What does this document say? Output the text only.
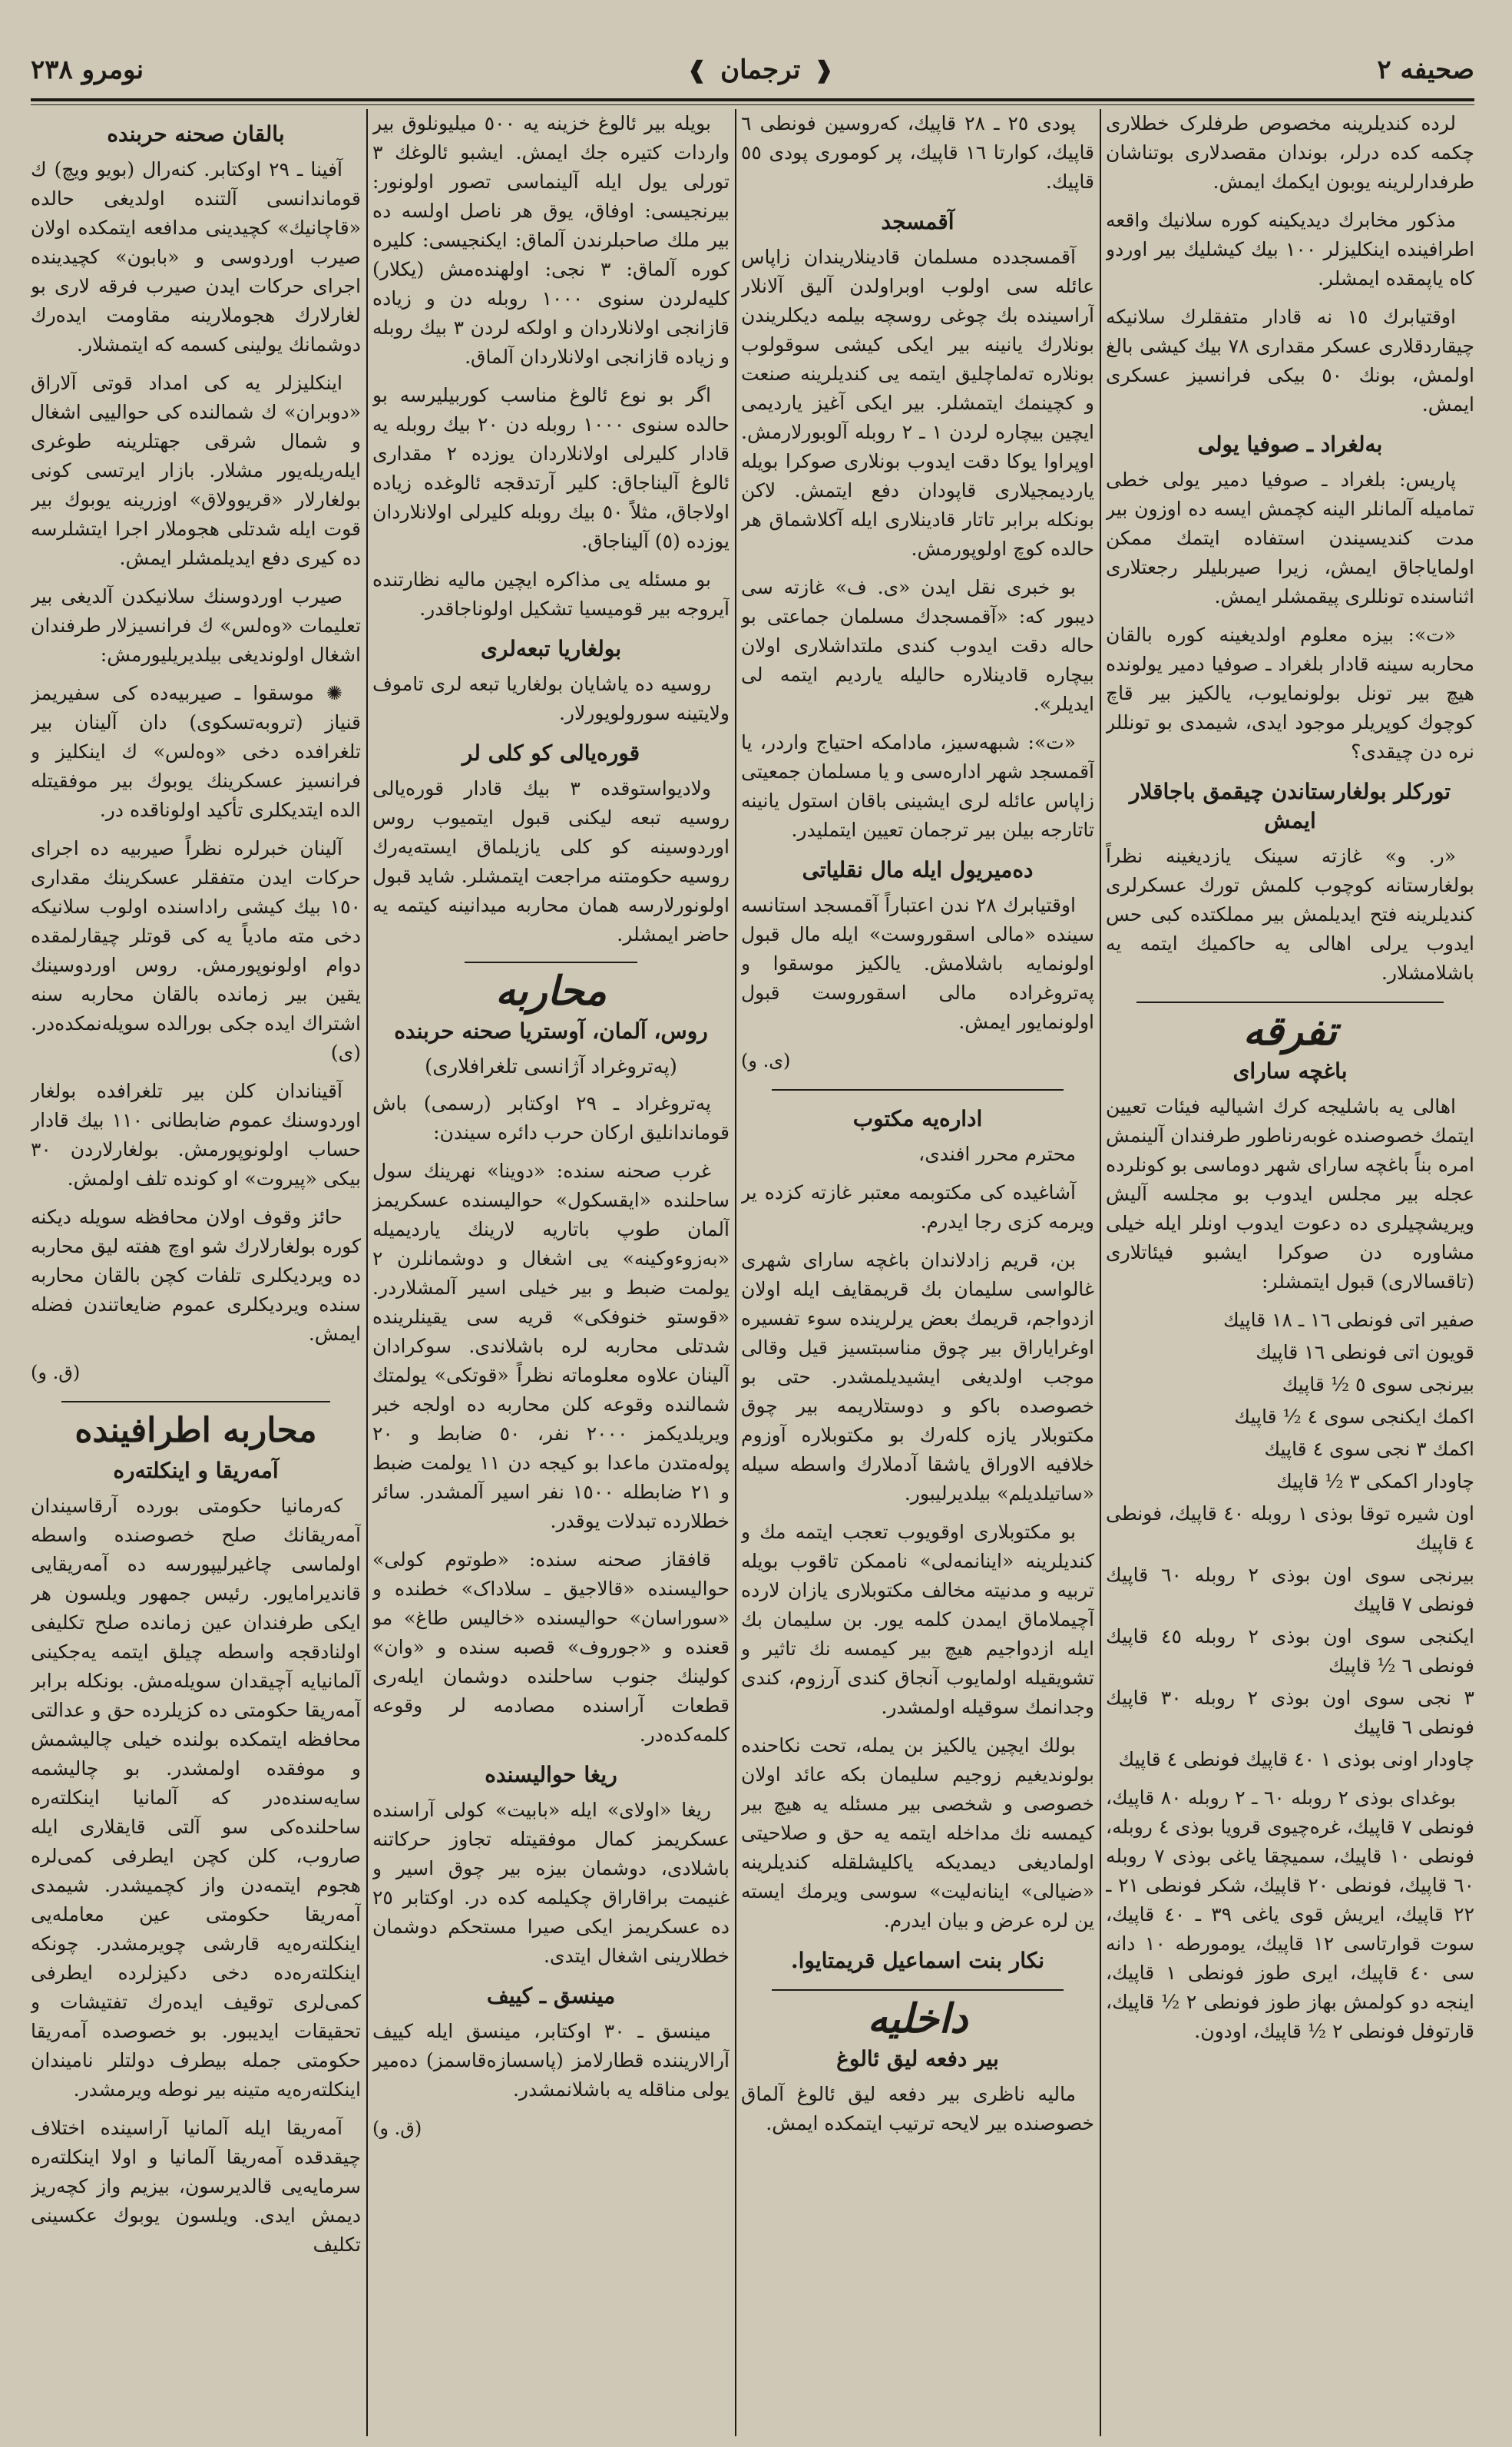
نومرو ٢٣٨	❰ ترجمان ❱	صحیفه ٢

لرده کندیلرینه مخصوص طرفلرک خطلاری چکمه کده درلر، بوندان مقصدلاری بوتناشان طرفدارلرینه یوبون ایکمك ایمش.

مذکور مخابرك دیدیکینه کوره سلانیك واقعه اطرافینده اینکلیزلر ١٠٠ بیك کیشلیك بیر اوردو کاه یاپمقده ایمشلر.

اوقتیابرك ١٥ نه قادار متفقلرك سلانیکه چیقاردقلاری عسکر مقداری ٧٨ بیك کیشی بالغ اولمش، بونك ٥٠ بیکی فرانسیز عسکری ایمش.

بەلغراد ـ صوفیا یولی

پاریس: بلغراد ـ صوفیا دمیر یولی خطی تمامیله آلمانلر الینه کچمش ایسه ده اوزون بیر مدت کندیسیندن استفاده ایتمك ممکن اولمایاجاق ایمش، زیرا صیربلیلر رجعتلاری اثناسنده تونللری پیقمشلر ایمش.

«ت»: بیزه معلوم اولدیغینه کوره بالقان محاربه سینه قادار بلغراد ـ صوفیا دمیر یولونده هیچ بیر تونل بولونمایوب، یالکیز بیر قاچ کوچوك کوپریلر موجود ایدی، شیمدی بو تونللر نره دن چیقدی؟

تورکلر بولغارستاندن چیقمق باجاقلار ایمش

«ر. و» غازته سینک یازدیغینه نظراً بولغارستانه کوچوب کلمش تورك عسکرلری کندیلرینه فتح ایدیلمش بیر مملکتده کبی حس ایدوب یرلی اهالی یه حاکمیك ایتمه یه باشلامشلار.

تفرقه
باغچه سارای

اهالی یه باشلیجه کرك اشیالیه فیئات تعیین ایتمك خصوصنده غوبەرناطور طرفندان آلینمش امره بناً باغچه سارای شهر دوماسی بو کونلرده عجله بیر مجلس ایدوب بو مجلسه آلیش ویریشچیلری ده دعوت ایدوب اونلر ایله خیلی مشاوره دن صوکرا ایشبو فیئاتلاری (تاقسالاری) قبول ایتمشلر:

صفیر اتی فونطی ١٦ ـ ١٨ قاپیك
قویون اتی فونطی ١٦ قاپیك
بیرنجی سوی ٥ ½ قاپیك
اکمك ایکنجی سوی ٤ ½ قاپیك
اکمك ٣ نجی سوی ٤ قاپیك
چاودار اکمکی ٣ ½ قاپیك
اون شیره توقا بوذی ١ روبله ٤٠ قاپیك، فونطی ٤ قاپیك
بیرنجی سوی اون بوذی ٢ روبله ٦٠ قاپیك فونطی ٧ قاپیك
ایکنجی سوی اون بوذی ٢ روبله ٤٥ قاپیك فونطی ٦ ½ قاپیك
٣ نجی سوی اون بوذی ٢ روبله ٣٠ قاپیك فونطی ٦ قاپیك
چاودار اونی بوذی ١ ٤٠ قاپیك فونطی ٤ قاپیك

بوغدای بوذی ٢ روبله ٦٠ ـ ٢ روبله ٨٠ قاپیك، فونطی ٧ قاپیك، غرەچیوی قرویا بوذی ٤ روبله، فونطی ١٠ قاپیك، سمیچقا یاغی بوذی ٧ روبله ٦٠ قاپیك، فونطی ٢٠ قاپیك، شکر فونطی ٢١ ـ ٢٢ قاپیك، ایریش قوی یاغی ٣٩ ـ ٤٠ قاپیك، سوت قوارتاسی ١٢ قاپیك، یومورطه ١٠ دانه سی ٤٠ قاپیك، ایری طوز فونطی ١ قاپیك، اینجه دو کولمش بهاز طوز فونطی ٢ ½ قاپیك، قارتوفل فونطی ٢ ½ قاپیك، اودون.

پودی ٢٥ ـ ٢٨ قاپیك، کەروسین فونطی ٦ قاپیك، کوارتا ١٦ قاپیك، پر کوموری پودی ٥٥ قاپیك.

آقمسجد

آقمسجدده مسلمان قادینلاریندان زاپاس عائله سی اولوب اوبراولدن آلیق آلانلار آراسینده بك چوغی روسچه بیلمه دیکلریندن بونلارك یانینه بیر ایکی کیشی سوقولوب بونلاره تەلماچلیق ایتمه یی کندیلرینه صنعت و کچینمك ایتمشلر. بیر ایکی آغیز یاردیمی ایچین بیچاره لردن ١ ـ ٢ روبله آلوبورلارمش. اوپراوا یوکا دقت ایدوب بونلاری صوکرا بویله یاردیمجیلاری قاپودان دفع ایتمش. لاکن بونکله برابر تاتار قادینلاری ایله آکلاشماق هر حالده کوچ اولوپورمش.

بو خبری نقل ایدن «ی. ف» غازته سی دیبور که: «آقمسجدك مسلمان جماعتی بو حاله دقت ایدوب کندی ملتداشلاری اولان بیچاره قادینلاره حالیله یاردیم ایتمه لی ایدیلر».

«ت»: شبهه‌سیز، مادامکه احتیاج واردر، یا آقمسجد شهر ادارەسی و یا مسلمان جمعیتی زاپاس عائله لری ایشینی باقان استول یانینه تاتارجه بیلن بیر ترجمان تعیین ایتملیدر.

دەمیریول ایله مال نقلیاتی

اوقتیابرك ٢٨ ندن اعتباراً آقمسجد استانسه سینده «مالی اسقوروست» ایله مال قبول اولونمایه باشلامش. یالکیز موسقوا و پەتروغراده مالی اسقوروست قبول اولونمایور ایمش.

(ی. و)
اداره‌یه مکتوب

محترم محرر افندی،

آشاغیده کی مکتوبمه معتبر غازته کزده یر ویرمه کزی رجا ایدرم.

بن، قریم زادلاندان باغچه سارای شهری غالواسی سلیمان بك قریمقایف ایله اولان ازدواجم، قریمك بعض یرلرینده سوء تفسیره اوغرایاراق بیر چوق مناسبتسیز قیل وقالی موجب اولدیغی ایشیدیلمشدر. حتی بو خصوصده باکو و دوستلاریمه بیر چوق مکتوبلار یازه کلەرك بو مکتوبلاره آوزوم خلافیه الاوراق یاشقا آدملارك واسطه سیله «ساتیلدیلم» بیلدیرلیبور.

بو مکتوبلاری اوقویوب تعجب ایتمه مك و کندیلرینه «اینانمه‌لی» ناممکن تاقوب بویله تربیه و مدنیته مخالف مکتوبلاری یازان لارده آچیملاماق ایمدن کلمه یور. بن سلیمان بك ایله ازدواجیم هیچ بیر کیمسه نك تاثیر و تشویقیله اولمایوب آنجاق کندی آرزوم، کندی وجدانمك سوقیله اولمشدر.

بولك ایچین یالکیز بن یملە، تحت نکاحنده بولوندیغیم زوجیم سلیمان بکه عائد اولان خصوصی و شخصی بیر مسئله یه هیچ بیر کیمسه نك مداخله ایتمه یه حق و صلاحیتی اولمادیغی دیمدیکه یاکلیشلقله کندیلرینه «ضیالی» اینانه‌لیت» سوسی ویرمك ایسته ین لره عرض و بیان ایدرم.

نکار بنت اسماعیل قریمتایوا.
داخلیه
بیر دفعه لیق ئالوغ

مالیه ناظری بیر دفعه لیق ئالوغ آلماق خصوصنده بیر لایحه ترتیب ایتمکده ایمش.

بویله بیر ئالوغ خزینه یه ٥٠٠ میلیونلوق بیر واردات کتیره جك ایمش. ایشبو ئالوغك ٣ تورلی یول ایله آلینماسی تصور اولونور: بیرنجیسی: اوفاق، یوق هر ناصل اولسه ده بیر ملك صاحبلرندن آلماق: ایکنجیسی: کلیره کوره آلماق: ٣ نجی: اولهندەمش (یکلار) کلیەلردن سنوی ١٠٠٠ روبله دن و زیاده قازانجی اولانلاردان و اولکه لردن ٣ بیك روبله و زیاده قازانجی اولانلاردان آلماق.

اگر بو نوع ئالوغ مناسب کوربیلیرسه بو حالده سنوی ١٠٠٠ روبله دن ٢٠ بیك روبله یه قادار کلیرلی اولانلاردان یوزده ٢ مقداری ئالوغ آلیناجاق: کلیر آرتدقجه ئالوغده زیاده اولاجاق، مثلاً ٥٠ بیك روبله کلیرلی اولانلاردان یوزده (٥) آلیناجاق.

بو مسئله یی مذاکره ایچین مالیه نظارتنده آیروجه بیر قومیسیا تشکیل اولوناجاقدر.

بولغاریا تبعه‌لری

روسیه ده یاشایان بولغاریا تبعه لری تاموف ولایتینه سورولویورلار.

قورەیالی کو کلی لر

ولادیواستوقده ٣ بیك قادار قورەیالی روسیه تبعه لیکنی قبول ایتمیوب روس اوردوسینه کو کلی یازیلماق ایستەیەرك روسیه حکومتنه مراجعت ایتمشلر. شاید قبول اولونورلارسه همان محاربه میدانینه کیتمه یه حاضر ایمشلر.

محاربه
روس، آلمان، آوستریا صحنه حربنده
(پەتروغراد آژانسی تلغرافلاری)

پەتروغراد ـ ٢٩ اوکتابر (رسمی) باش قوماندانلیق ارکان حرب دائره سیندن:

غرب صحنه سنده: «دوینا» نهرینك سول ساحلنده «ایقسکول» حوالیسنده عسکریمز آلمان طوپ باتاریه لارینك یاردیمیله «بەزوءوکینه» یی اشغال و دوشمانلرن ٢ یولمت ضبط و بیر خیلی اسیر آلمشلاردر. «قوستو خنوفکی» قریه سی یقینلرینده شدتلی محاربه لره باشلاندی. سوکرادان آلینان علاوه معلوماته نظراً «قوتکی» یولمتك شمالنده وقوعه کلن محاربه ده اولجه خبر ویریلدیکمز ٢٠٠٠ نفر، ٥٠ ضابط و ٢٠ پولەمتدن ماعدا بو کیجه دن ١١ یولمت ضبط و ٢١ ضابطله ١٥٠٠ نفر اسیر آلمشدر. سائر خطلارده تبدلات یوقدر.

قافقاز صحنه سنده: «طوتوم کولی» حوالیسنده «قالاجیق ـ سلاداک» خطنده و «سوراسان» حوالیسنده «خالیس طاغ» مو قعنده و «جوروف» قصبه سنده و «وان» کولینك جنوب ساحلنده دوشمان ایلەری قطعات آراسنده مصادمه لر وقوعه کلمه‌کدەدر.

ریغا حوالیسنده

ریغا «اولای» ایله «بابیت» کولی آراسنده عسکریمز کمال موفقیتله تجاوز حرکاتنه باشلادی، دوشمان بیزه بیر چوق اسیر و غنیمت براقاراق چکیلمه کده در. اوکتابر ٢٥ ده عسکریمز ایکی صیرا مستحکم دوشمان خطلارینی اشغال ایتدی.

مینسق ـ کییف

مینسق ـ ٣٠ اوکتابر، مینسق ایله کییف آرالاریننده قطارلامز (پاسسازه‌قاسمز) دەمیر یولی مناقله یه باشلانمشدر.

(ق. و)
بالقان صحنه حربنده

آفینا ـ ٢٩ اوکتابر. کنەرال (بویو ویچ) ك قوماندانسی آلتنده اولدیغی حالده «قاچانیك» کچیدینی مدافعه ایتمکده اولان صیرب اوردوسی و «بابون» کچیدینده اجرای حرکات ایدن صیرب فرقه لاری بو لغارلارك هجوملارینه مقاومت ایدەرك دوشمانك یولینی کسمه که ایتمشلار.

اینکلیزلر یه کی امداد قوتی آلاراق «دوبران» ك شمالنده کی حوالییی اشغال و شمال شرقی جهتلرینه طوغری ایلەریلەیور مشلار. بازار ایرتسی کونی بولغارلار «قریوولاق» اوزرینه یوبوك بیر قوت ایله شدتلی هجوملار اجرا ایتشلرسه ده کیری دفع ایدیلمشلر ایمش.

صیرب اوردوسنك سلانیکدن آلدیغی بیر تعلیمات «وەلس» ك فرانسیزلار طرفندان اشغال اولوندیغی بیلدیریلیورمش:

✺ موسقوا ـ صیربیه‌ده کی سفیریمز قنیاز (تروبەتسکوی) دان آلینان بیر تلغرافده دخی «وەلس» ك اینکلیز و فرانسیز عسکرینك یوبوك بیر موفقیتله الده ایتدیکلری تأکید اولوناقده در.

آلینان خبرلره نظراً صیربیه ده اجرای حرکات ایدن متفقلر عسکرینك مقداری ١٥٠ بیك کیشی راداسنده اولوب سلانیکه دخی مته مادیاً یه کی قوتلر چیقارلمقده دوام اولونوپورمش. روس اوردوسینك یقین بیر زمانده بالقان محاربه سنه اشتراك ایده جکی بورالده سویلەنمکدەدر. (ی)

آقیناندان کلن بیر تلغرافده بولغار اوردوسنك عموم ضابطانی ١١٠ بیك قادار حساب اولونوپورمش. بولغارلاردن ٣٠ بیکی «پیروت» او کونده تلف اولمش.

حائز وقوف اولان محافظه سویله دیکنه کوره بولغارلارك شو اوچ هفته لیق محاربه ده ویردیکلری تلفات کچن بالقان محاربه سنده ویردیکلری عموم ضایعاتندن فضله ایمش.

(ق. و)
محاربه اطرافینده
آمەریقا و اینکلتەره

کەرمانیا حکومتی بورده آرقاسیندان آمەریقانك صلح خصوصنده واسطه اولماسی چاغیرلیپورسه ده آمەریقایی قاندیرامایور. رئیس جمهور ویلسون هر ایکی طرفندان عین زمانده صلح تکلیفی اولنادقجه واسطه چیلق ایتمه یه‌جکینی آلمانیایه آچیقدان سویله‌مش. بونکله برابر آمەریقا حکومتی ده کزیلرده حق و عدالتی محافظه ایتمکده بولنده خیلی چالیشمش و موفقده اولمشدر. بو چالیشمه سایه‌سنده‌در که آلمانیا اینکلتەره ساحلنده‌کی سو آلتی قایقلاری ایله صاروب، کلن کچن ایطرفی کمی‌لره هجوم ایتمه‌دن واز کچمیشدر. شیمدی آمەریقا حکومتی عین معامله‌یی اینکلتەره‌یه قارشی چویرمشدر. چونکه اینکلتەره‌ده دخی دکیزلرده ایطرفی کمی‌لری توقیف ایدەرك تفتیشات و تحقیقات ایدیبور. بو خصوصده آمەریقا حکومتی جمله بیطرف دولتلر نامیندان اینکلتەره‌یه متینه بیر نوطه ویرمشدر.

آمەریقا ایله آلمانیا آراسینده اختلاف چیقدقده آمەریقا آلمانیا و اولا اینکلتەره سرمایه‌یی قالدیرسون، بیزیم واز کچەریز دیمش ایدی. ویلسون یوبوك عکسینی تکلیف
